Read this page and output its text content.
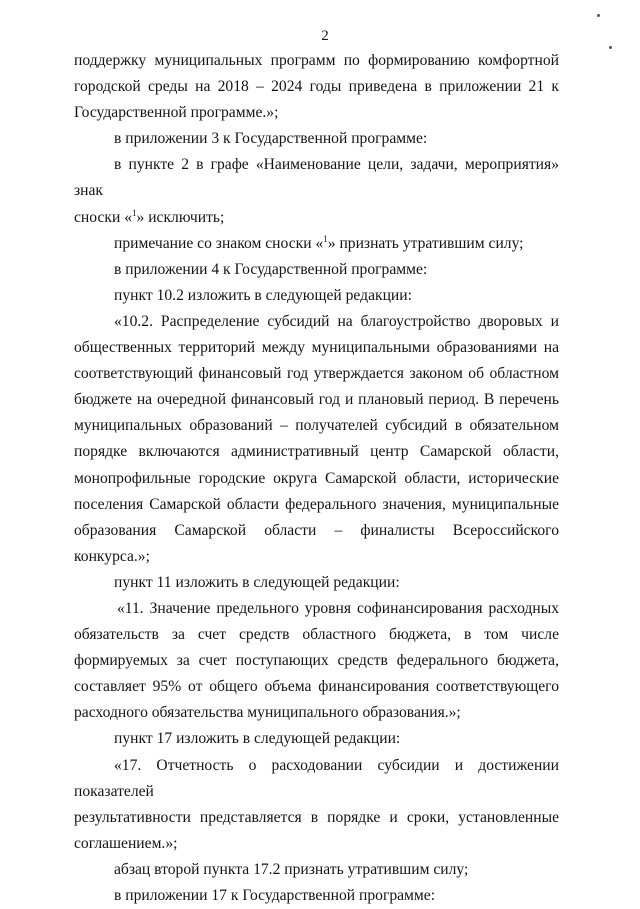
2

поддержку муниципальных программ по формированию комфортной

городской среды на 2018 – 2024 годы приведена в приложении 21 к

Государственной программе.»;

в приложении 3 к Государственной программе:

в пункте 2 в графе «Наименование цели, задачи, мероприятия» знак

сноски «$^1$» исключить;

примечание со знаком сноски «$^1$» признать утратившим силу;

в приложении 4 к Государственной программе:

пункт 10.2 изложить в следующей редакции:

«10.2. Распределение субсидий на благоустройство дворовых и

общественных территорий между муниципальными образованиями на

соответствующий финансовый год утверждается законом об областном

бюджете на очередной финансовый год и плановый период. В перечень

муниципальных образований – получателей субсидий в обязательном

порядке включаются административный центр Самарской области,

монопрофильные городские округа Самарской области, исторические

поселения Самарской области федерального значения, муниципальные

образования Самарской области – финалисты Всероссийского конкурса.»;

пункт 11 изложить в следующей редакции:

«11. Значение предельного уровня софинансирования расходных

обязательств за счет средств областного бюджета, в том числе

формируемых за счет поступающих средств федерального бюджета,

составляет 95% от общего объема финансирования соответствующего

расходного обязательства муниципального образования.»;

пункт 17 изложить в следующей редакции:

«17. Отчетность о расходовании субсидии и достижении показателей

результативности представляется в порядке и сроки, установленные

соглашением.»;

абзац второй пункта 17.2 признать утратившим силу;

в приложении 17 к Государственной программе:
